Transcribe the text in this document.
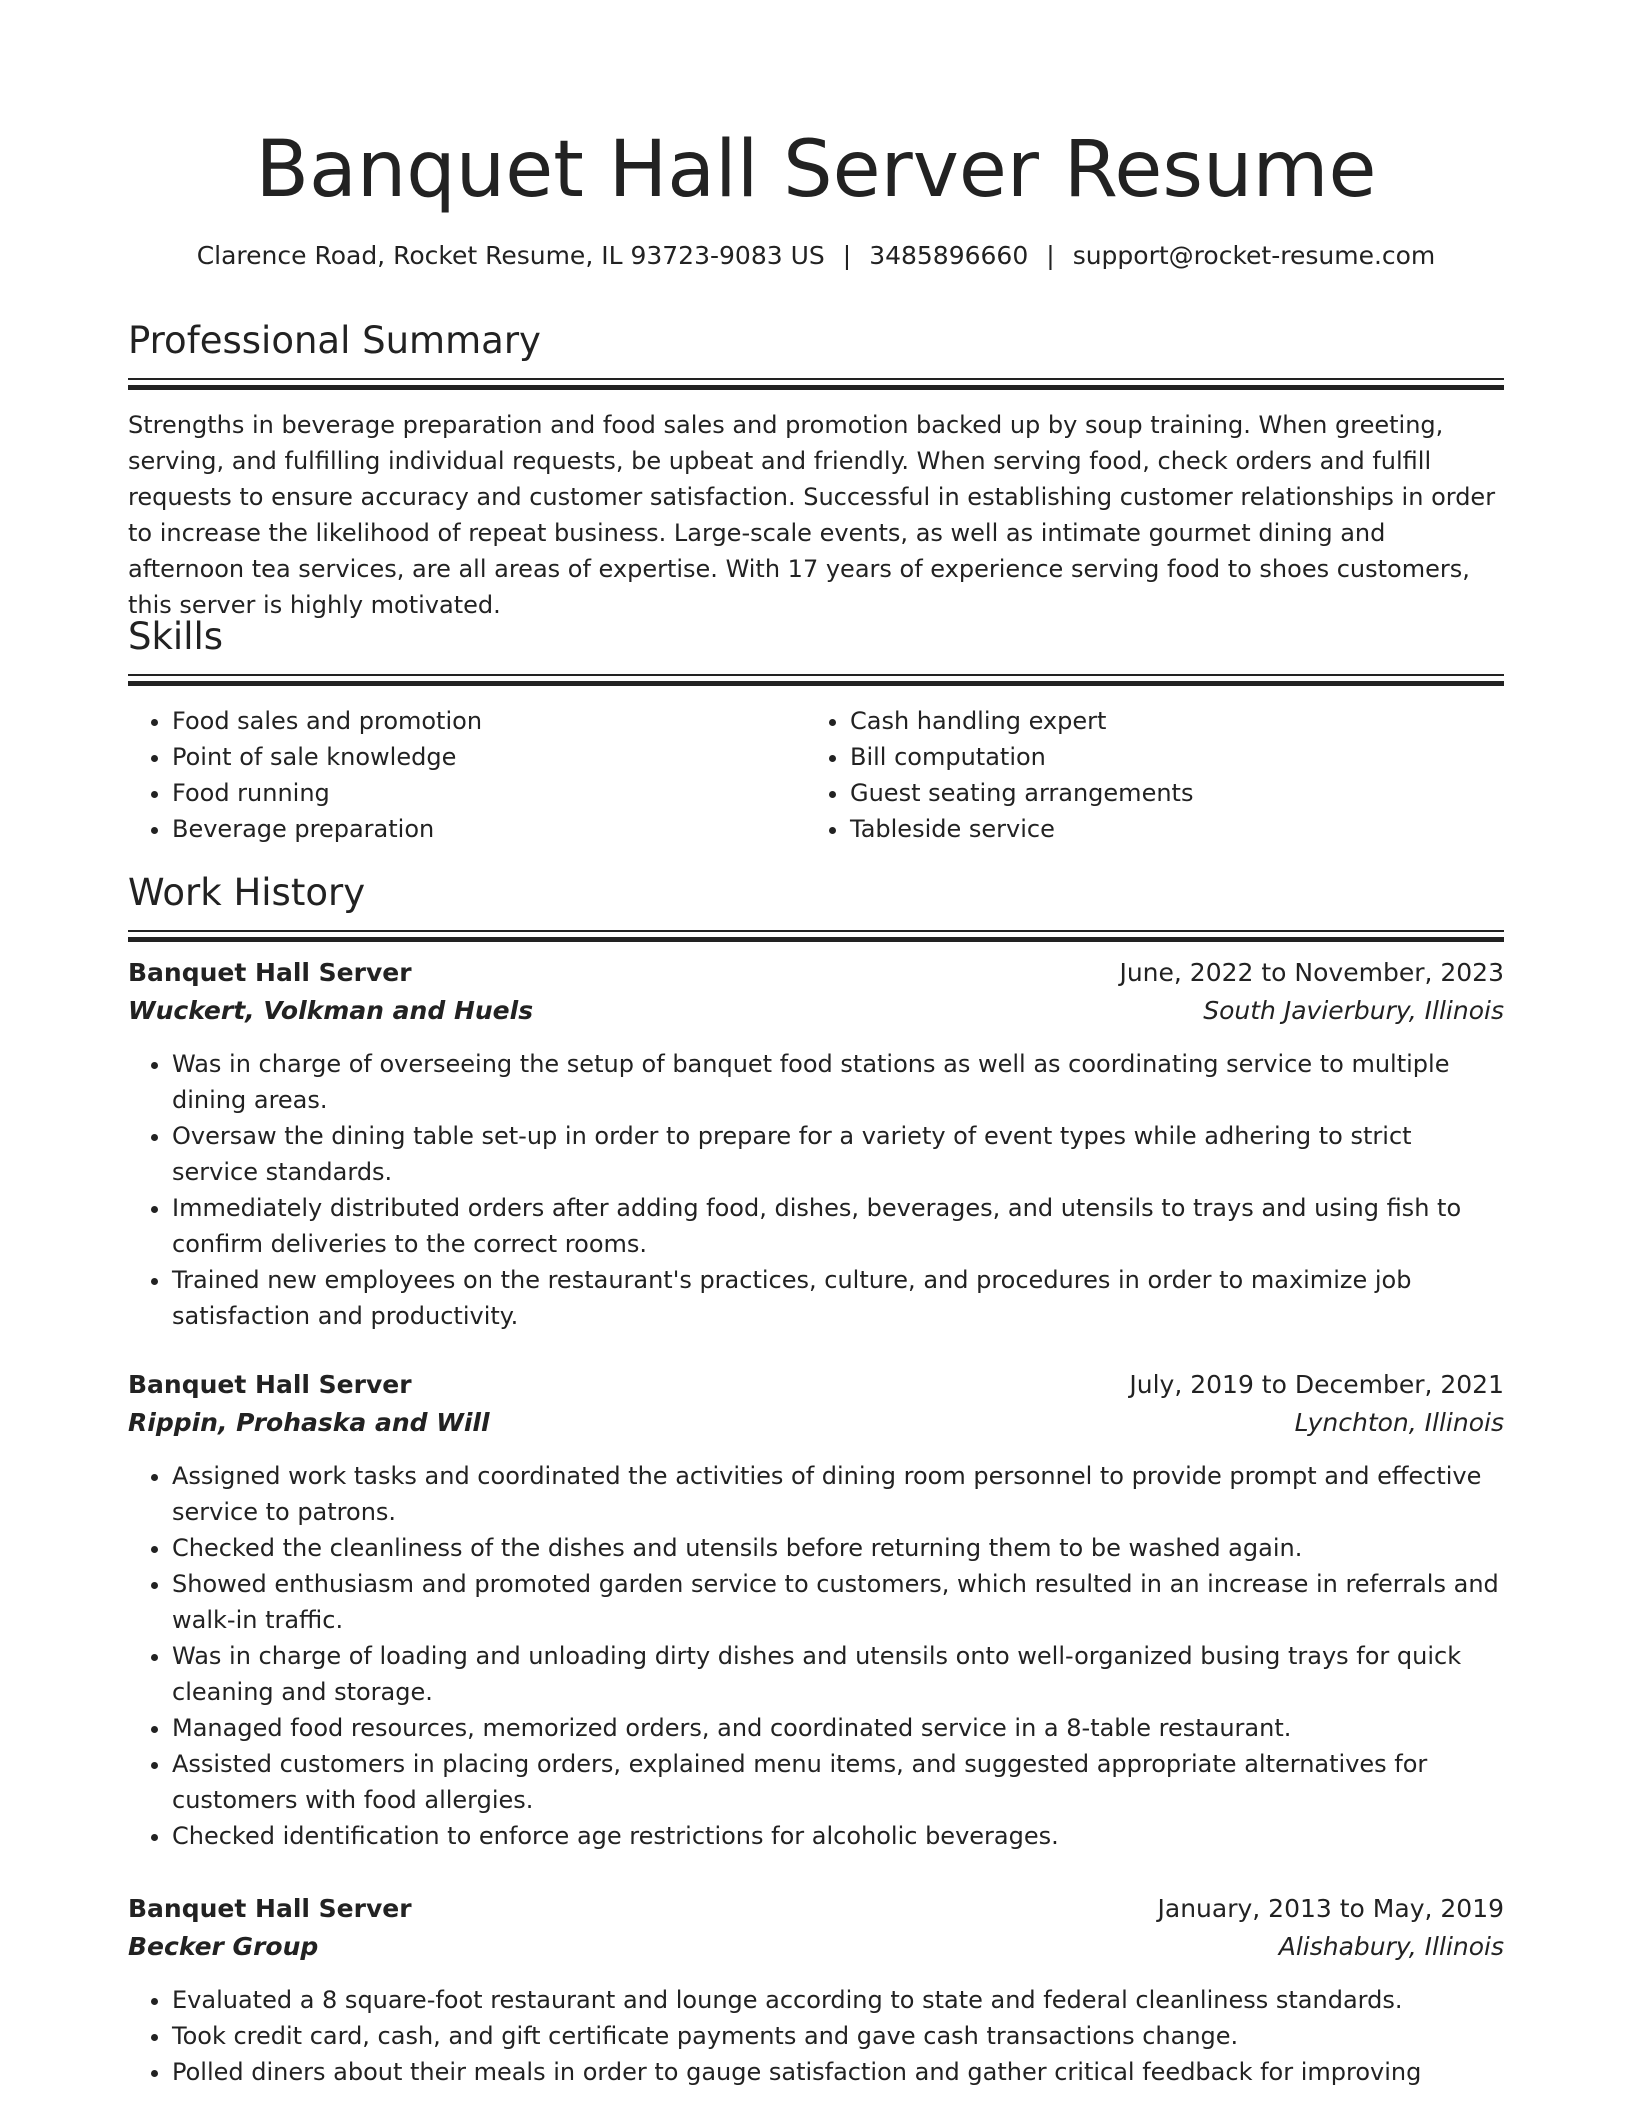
Banquet Hall Server Resume
Clarence Road, Rocket Resume, IL 93723-9083 US | 3485896660 | support@rocket-resume.com
Professional Summary

Strengths in beverage preparation and food sales and promotion backed up by soup training. When greeting, serving, and fulfilling individual requests, be upbeat and friendly. When serving food, check orders and fulfill requests to ensure accuracy and customer satisfaction. Successful in establishing customer relationships in order to increase the likelihood of repeat business. Large-scale events, as well as intimate gourmet dining and afternoon tea services, are all areas of expertise. With 17 years of experience serving food to shoes customers, this server is highly motivated.

Skills
• Food sales and promotion
• Point of sale knowledge
• Food running
• Beverage preparation
• Cash handling expert
• Bill computation
• Guest seating arrangements
• Tableside service
Work History
Banquet Hall Server	June, 2022 to November, 2023
Wuckert, Volkman and Huels	South Javierbury, Illinois
• Was in charge of overseeing the setup of banquet food stations as well as coordinating service to multiple dining areas.
• Oversaw the dining table set-up in order to prepare for a variety of event types while adhering to strict service standards.
• Immediately distributed orders after adding food, dishes, beverages, and utensils to trays and using fish to confirm deliveries to the correct rooms.
• Trained new employees on the restaurant's practices, culture, and procedures in order to maximize job satisfaction and productivity.
Banquet Hall Server	July, 2019 to December, 2021
Rippin, Prohaska and Will	Lynchton, Illinois
• Assigned work tasks and coordinated the activities of dining room personnel to provide prompt and effective service to patrons.
• Checked the cleanliness of the dishes and utensils before returning them to be washed again.
• Showed enthusiasm and promoted garden service to customers, which resulted in an increase in referrals and walk-in traffic.
• Was in charge of loading and unloading dirty dishes and utensils onto well-organized busing trays for quick cleaning and storage.
• Managed food resources, memorized orders, and coordinated service in a 8-table restaurant.
• Assisted customers in placing orders, explained menu items, and suggested appropriate alternatives for customers with food allergies.
• Checked identification to enforce age restrictions for alcoholic beverages.
Banquet Hall Server	January, 2013 to May, 2019
Becker Group	Alishabury, Illinois
• Evaluated a 8 square-foot restaurant and lounge according to state and federal cleanliness standards.
• Took credit card, cash, and gift certificate payments and gave cash transactions change.
• Polled diners about their meals in order to gauge satisfaction and gather critical feedback for improving
